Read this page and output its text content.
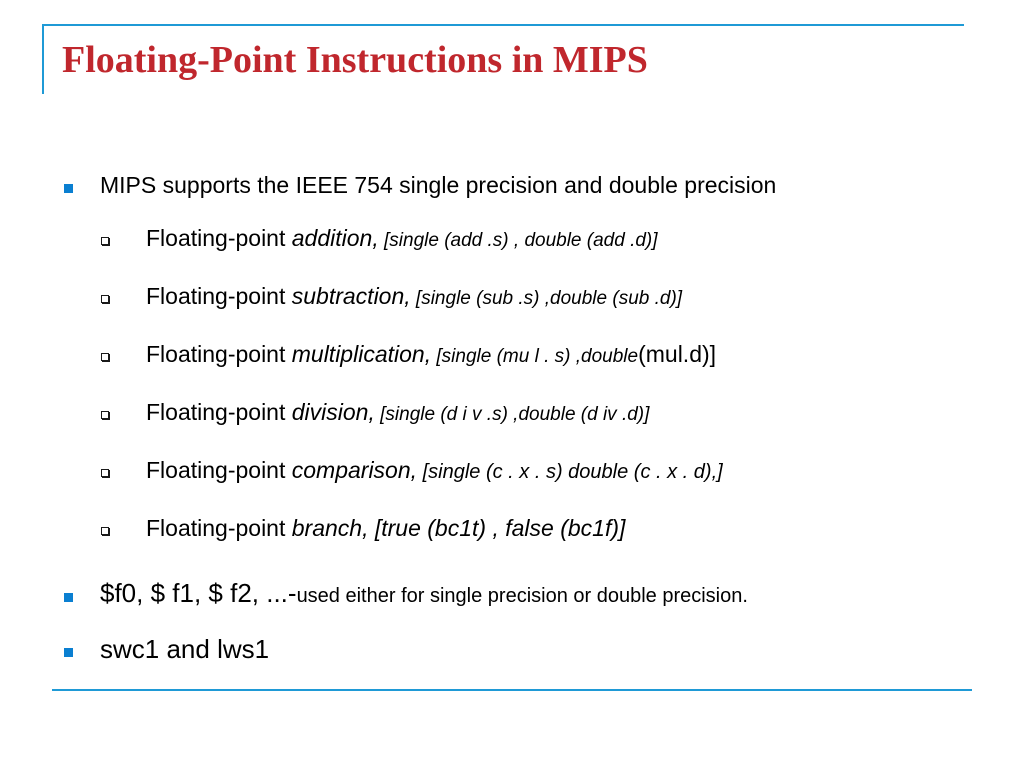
Floating-Point Instructions in MIPS
MIPS supports the IEEE 754 single precision and double precision
Floating-point addition, [single (add .s) , double (add .d)]
Floating-point subtraction, [single (sub .s) ,double (sub .d)]
Floating-point multiplication, [single (mu l . s) ,double(mul.d)]
Floating-point division, [single (d i v .s) ,double (d iv .d)]
Floating-point comparison, [single (c . x . s) double (c . x . d),]
Floating-point branch, [true (bc1t) , false (bc1f)]
$f0, $ f1, $ f2, ...-used either for single precision or double precision.
swc1 and lws1
